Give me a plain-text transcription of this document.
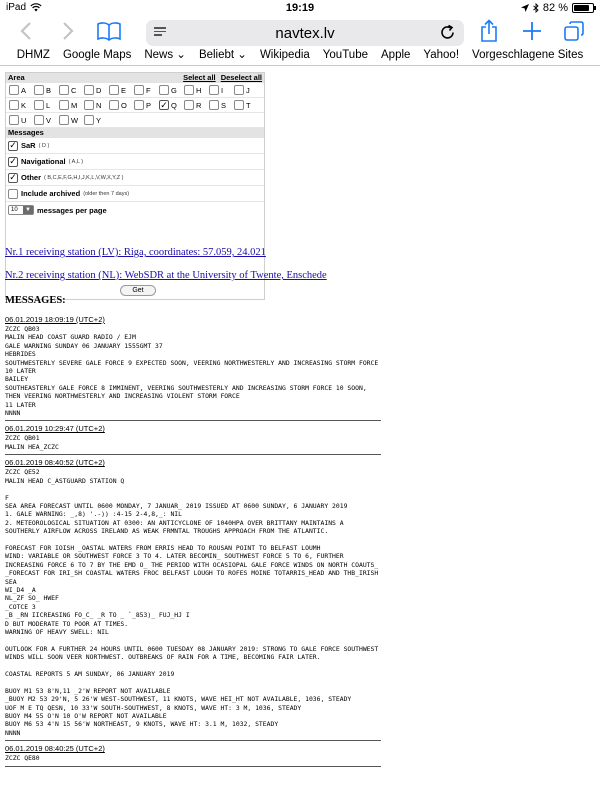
iPad	19:19	82 %
navtex.lv
DHMZ Google Maps News ⌄ Beliebt ⌄ Wikipedia YouTube Apple Yahoo! Vorgeschlagene Sites
Area	Select all Deselect all
A	B	C	D	E	F	G	H	I	J
K	L	M	N	O	P ✓ Q	R	S	T
U	V	W Y
Messages
✓ SaR ( D )
✓ Navigational ( A,L )
✓ Other ( B,C,E,F,G,H,I,J,K,L,V,W,X,Y,Z )
Include archived (older then 7 days)
10	▼ messages per page
Get
Nr.1 receiving station (LV): Riga, coordinates: 57.059, 24.021
Nr.2 receiving station (NL): WebSDR at the University of Twente, Enschede
MESSAGES:
06.01.2019 18:09:19 (UTC+2)
ZCZC QB03
MALIN HEAD COAST GUARD RADIO / EJM
GALE WARNING SUNDAY 06 JANUARY 1555GMT 37
HEBRIDES
SOUTHWESTERLY SEVERE GALE FORCE 9 EXPECTED SOON, VEERING NORTHWESTERLY AND INCREASING STORM FORCE 10 LATER
BAILEY
SOUTHEASTERLY GALE FORCE 8 IMMINENT, VEERING SOUTHWESTERLY AND INCREASING STORM FORCE 10 SOON, THEN VEERING NORTHWESTERLY AND INCREASING VIOLENT STORM FORCE
11 LATER
NNNN
06.01.2019 10:29:47 (UTC+2)
ZCZC QB01
MALIN HEA_ZCZC
06.01.2019 08:40:52 (UTC+2)
ZCZC QE52
MALIN HEAD C_ASTGUARD STATION Q

F
SEA AREA FORECAST UNTIL 0600 MONDAY, 7 JANUAR_ 2019 ISSUED AT 0600 SUNDAY, 6 JANUARY 2019
1. GALE WARNING: _,8) '.-)) :4-15 2-4,8,_: NIL
2. METEOROLOGICAL SITUATION AT 0300: AN ANTICYCLONE OF 1040HPA OVER BRITTANY MAINTAINS A SOUTHERLY AIRFLOW ACROSS IRELAND AS WEAK FRMNTAL TROUGHS APPROACH FROM THE ATLANTIC.

FORECAST FOR IOISH _OASTAL WATERS FROM ERRIS HEAD TO ROUSAN POINT TO BELFAST LOUMH
WIND: VARIABLE OR SOUTHWEST FORCE 3 TO 4. LATER BECOMIN_ SOUTHWEST FORCE 5 TO 6, FURTHER INCREASING FORCE 6 TO 7 BY THE EMD O_ THE PERIOD WITH OCASIOPAL GALE FORCE WINDS ON NORTH COAUTS_
_FORECAST FOR IRI_SH COASTAL WATERS FROC BELFAST LOUGH TO ROFES MOINE TOTARRIS_HEAD AND THB_IRISH SEA
WI_D4 _A
NL_ZF SO_ HWEF
_COTCE 3
_B _RN IICREASING FO_C_ _R TO _ `_853)_ FUJ_HJ I
D BUT MODERATE TO POOR AT TIMES.
WARNING OF HEAVY SWELL: NIL

OUTLOOK FOR A FURTHER 24 HOURS UNTIL 0600 TUESDAY 08 JANUARY 2019: STRONG TO GALE FORCE SOUTHWEST WINDS WILL SOON VEER NORTHWEST. OUTBREAKS OF RAIN FOR A TIME, BECOMING FAIR LATER.

COASTAL REPORTS 5 AM SUNDAY, 06 JANUARY 2019

BUOY M1 53 8'N,11 _2'W REPORT NOT AVAILABLE
_BUOY M2 53 29'N, 5 26'W WEST-SOUTHWEST, 11 KNOTS, WAVE HEI_HT NOT AVAILABLE, 1036, STEADY
UOF M E TQ QESN, 10 33'W SOUTH-SOUTHWEST, 8 KNOTS, WAVE HT: 3 M, 1036, STEADY
BUOY M4 55 O'N 10 O'W REPORT NOT AVAILABLE
BUOY M6 53 4'N 15 56'W NORTHEAST, 9 KNOTS, WAVE HT: 3.1 M, 1032, STEADY
NNNN
06.01.2019 08:40:25 (UTC+2)
ZCZC QE80
